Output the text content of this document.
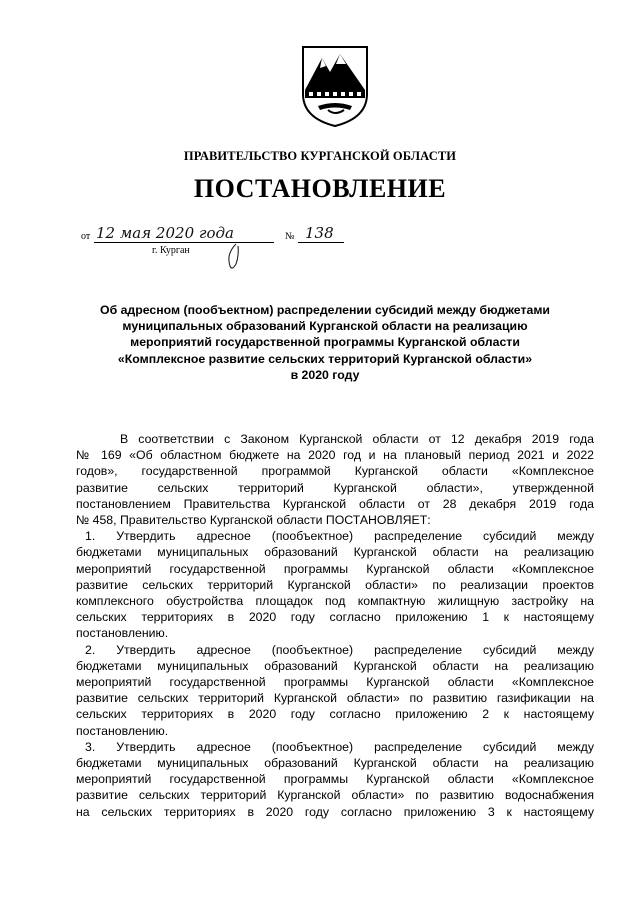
ПРАВИТЕЛЬСТВО КУРГАНСКОЙ ОБЛАСТИ
ПОСТАНОВЛЕНИЕ
от 12 мая 2020 года	№ 138
г. Курган
Об адресном (пообъектном) распределении субсидий между бюджетами
муниципальных образований Курганской области на реализацию
мероприятий государственной программы Курганской области
«Комплексное развитие сельских территорий Курганской области»
в 2020 году
В соответствии с Законом Курганской области от 12 декабря 2019 года
№ 169 «Об областном бюджете на 2020 год и на плановый период 2021 и 2022
годов», государственной программой Курганской области «Комплексное
развитие сельских территорий Курганской области», утвержденной
постановлением Правительства Курганской области от 28 декабря 2019 года
№ 458, Правительство Курганской области ПОСТАНОВЛЯЕТ:
1. Утвердить адресное (пообъектное) распределение субсидий между
бюджетами муниципальных образований Курганской области на реализацию
мероприятий государственной программы Курганской области «Комплексное
развитие сельских территорий Курганской области» по реализации проектов
комплексного обустройства площадок под компактную жилищную застройку на
сельских территориях в 2020 году согласно приложению 1 к настоящему
постановлению.
2. Утвердить адресное (пообъектное) распределение субсидий между
бюджетами муниципальных образований Курганской области на реализацию
мероприятий государственной программы Курганской области «Комплексное
развитие сельских территорий Курганской области» по развитию газификации на
сельских территориях в 2020 году согласно приложению 2 к настоящему
постановлению.
3. Утвердить адресное (пообъектное) распределение субсидий между
бюджетами муниципальных образований Курганской области на реализацию
мероприятий государственной программы Курганской области «Комплексное
развитие сельских территорий Курганской области» по развитию водоснабжения
на сельских территориях в 2020 году согласно приложению 3 к настоящему
